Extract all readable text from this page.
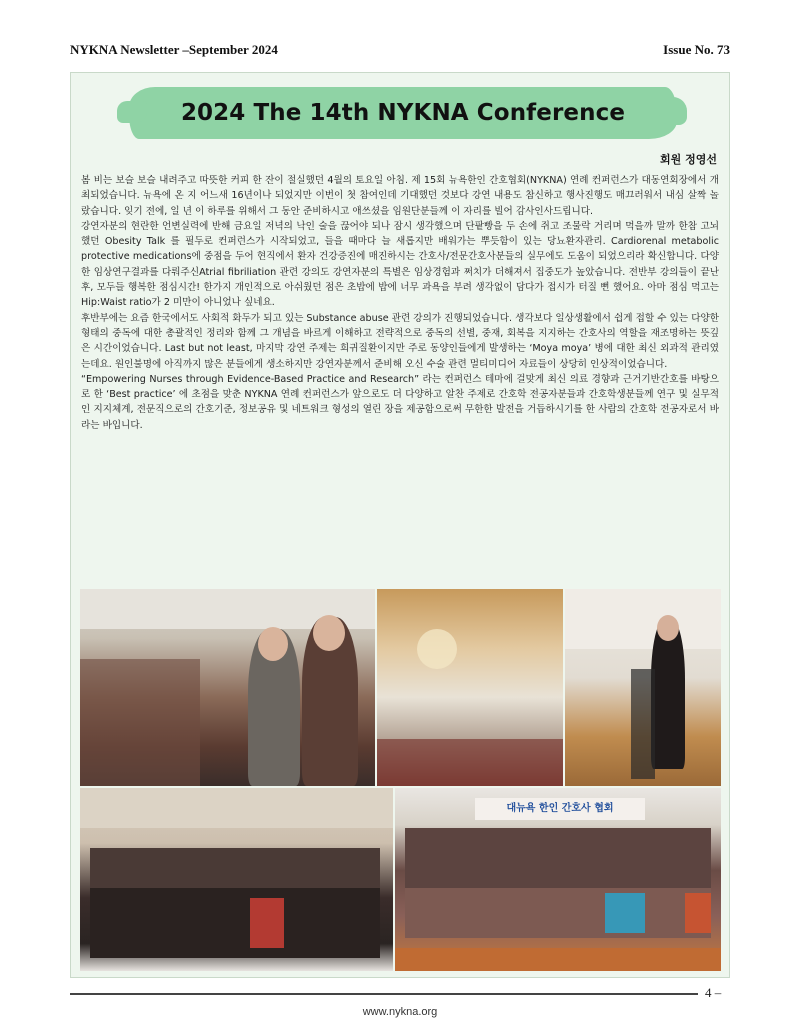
NYKNA Newsletter –September 2024	Issue No. 73
2024 The 14th NYKNA Conference
회원 정영선

봄 비는 보슬 보슬 내려주고 따뜻한 커피 한 잔이 절실했던 4월의 토요일 아침. 제 15회 뉴욕한인 간호협회(NYKNA) 연례 컨퍼런스가 대동연회장에서 개최되었습니다. 뉴욕에 온 지 어느새 16년이나 되었지만 이번이 첫 참여인데 기대했던 것보다 강연 내용도 참신하고 행사진행도 매끄러워서 내심 살짝 놀랐습니다. 잊기 전에, 일 년 이 하루를 위해서 그 동안 준비하시고 애쓰셨을 임원단분들께 이 자리를 빌어 감사인사드립니다.

강연자분의 현란한 언변실력에 반해 금요일 저녁의 낙인 술을 끊어야 되나 잠시 생각했으며 단팥빵을 두 손에 쥐고 조물락 거리며 먹을까 말까 한참 고뇌했던 Obesity Talk 를 필두로 컨퍼런스가 시작되었고, 들을 때마다 늘 새롭지만 배워가는 뿌듯함이 있는 당뇨환자관리. Cardiorenal metabolic protective medications에 중점을 두어 현직에서 환자 건강증진에 매진하시는 간호사/전문간호사분들의 실무에도 도움이 되었으리라 확신합니다. 다양한 임상연구결과를 다뤄주신Atrial fibriliation 관련 강의도 강연자분의 특별은 임상경험과 쩌치가 더해져서 집중도가 높았습니다. 전반부 강의들이 끝난 후, 모두들 행복한 점심시간! 한가지 개인적으로 아쉬웠던 점은 초밥에 밥에 너무 과욕을 부려 생각없이 담다가 접시가 터질 뻔 했어요. 아마 점심 먹고는 Hip:Waist ratio가 2 미만이 아니었나 싶네요.

후반부에는 요즘 한국에서도 사회적 화두가 되고 있는 Substance abuse 관련 강의가 진행되었습니다. 생각보다 일상생활에서 쉽게 접할 수 있는 다양한 형태의 중독에 대한 총괄적인 정리와 함께 그 개념을 바르게 이해하고 전략적으로 중독의 선별, 중재, 회복을 지지하는 간호사의 역할을 재조명하는 뜻깊은 시간이었습니다. Last but not least, 마지막 강연 주제는 희귀질환이지만 주로 동양인들에게 발생하는 ‘Moya moya’ 병에 대한 최신 외과적 관리였는데요. 원인불명에 아직까지 많은 분들에게 생소하지만 강연자분께서 준비해 오신 수술 관련 멀티미디어 자료들이 상당히 인상적이었습니다.

“Empowering Nurses through Evidence-Based Practice and Research” 라는 컨퍼런스 테마에 걸맞게 최신 의료 경향과 근거기반간호를 바탕으로 한 ‘Best practice’ 에 초점을 맞춘 NYKNA 연례 컨퍼런스가 앞으로도 더 다양하고 알찬 주제로 간호학 전공자분들과 간호학생분들께 연구 및 실무적인 지지체계, 전문직으로의 간호기준, 정보공유 및 네트워크 형성의 열린 장을 제공함으로써 무한한 발전을 거듭하시기를 한 사람의 간호학 전공자로서 바라는 바입니다.

대뉴욕 한인 간호사 협회
4 –
www.nykna.org
